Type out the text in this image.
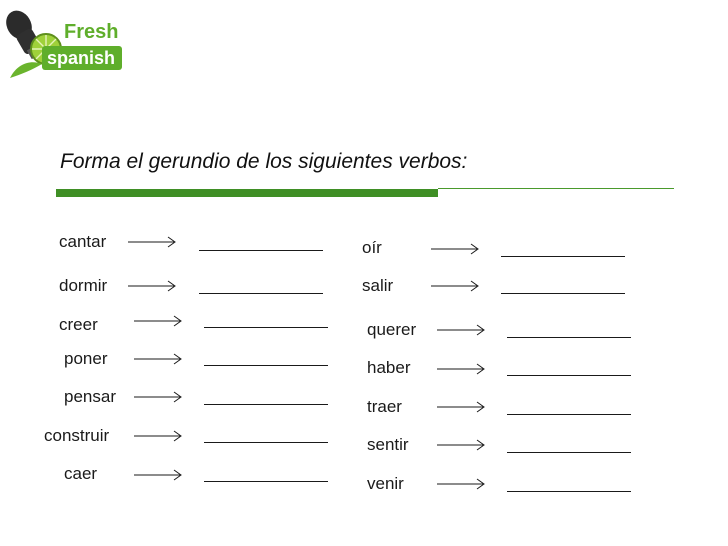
Fresh
spanish
Forma el gerundio de los siguientes verbos:
cantar
dormir
creer
poner
pensar
construir
caer
oír
salir
querer
haber
traer
sentir
venir
